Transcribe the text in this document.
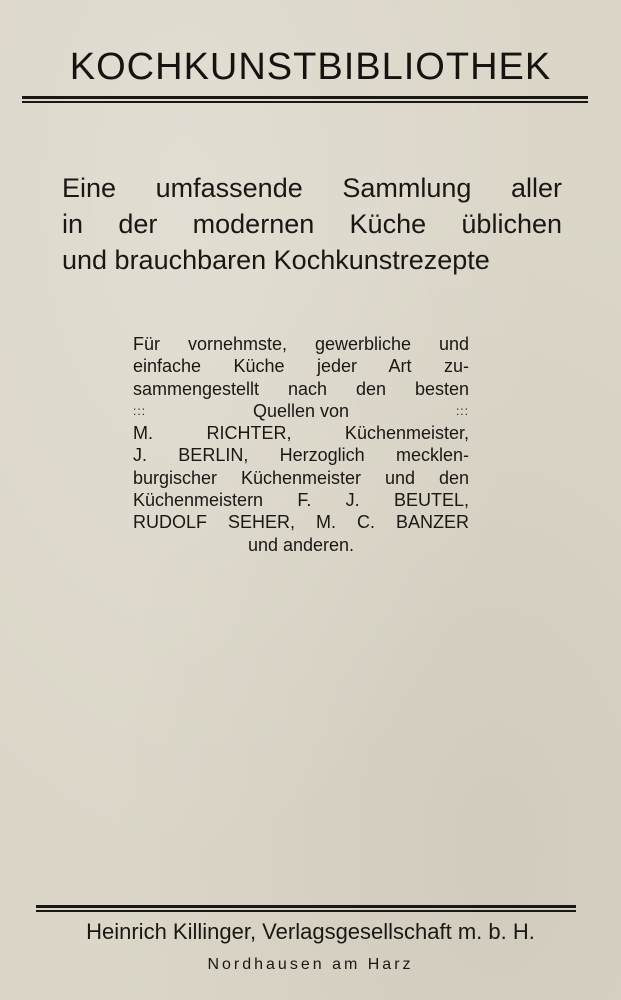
KOCHKUNSTBIBLIOTHEK
Eine umfassende Sammlung aller
in der modernen Küche üblichen
und brauchbaren Kochkunstrezepte
Für vornehmste, gewerbliche und
einfache Küche jeder Art zu-
sammengestellt nach den besten
:::	Quellen von	:::
M. RICHTER, Küchenmeister,
J. BERLIN, Herzoglich mecklen-
burgischer Küchenmeister und den
Küchenmeistern F. J. BEUTEL,
RUDOLF SEHER, M. C. BANZER
und anderen.
Heinrich Killinger, Verlagsgesellschaft m. b. H.
Nordhausen am Harz
